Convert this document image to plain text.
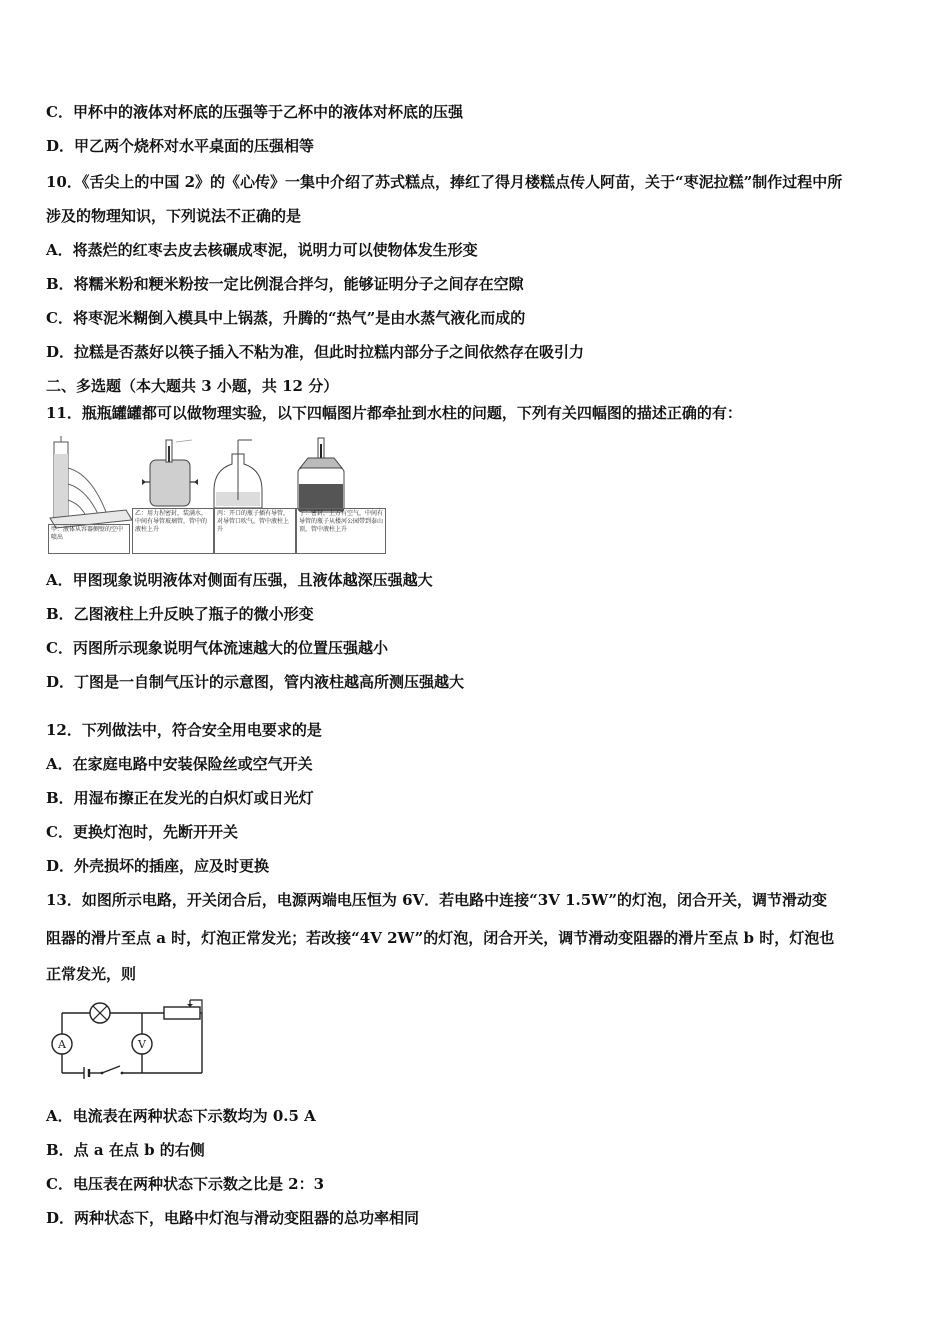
C．甲杯中的液体对杯底的压强等于乙杯中的液体对杯底的压强
D．甲乙两个烧杯对水平桌面的压强相等
10．《舌尖上的中国 2》的《心传》一集中介绍了苏式糕点，捧红了得月楼糕点传人阿苗，关于“枣泥拉糕”制作过程中所
涉及的物理知识，下列说法不正确的是
A．将蒸烂的红枣去皮去核碾成枣泥，说明力可以使物体发生形变
B．将糯米粉和粳米粉按一定比例混合拌匀，能够证明分子之间存在空隙
C．将枣泥米糊倒入模具中上锅蒸，升腾的“热气”是由水蒸气液化而成的
D．拉糕是否蒸好以筷子插入不粘为准，但此时拉糕内部分子之间依然存在吸引力
二、多选题（本大题共 3 小题，共 12 分）
11．瓶瓶罐罐都可以做物理实验，以下四幅图片都牵扯到水柱的问题，下列有关四幅图的描述正确的有：
甲：液体从容器侧壁的空中喷出
乙：用力捏密封，装满水，中间有导管玻璃管，管中的液柱上升
丙：开口的瓶子插有导管，对导管口吹气，管中液柱上升
丁：密封，上方有空气，中间有导管的瓶子从楼河公园带到泰山顶，管中液柱上升
A．甲图现象说明液体对侧面有压强，且液体越深压强越大
B．乙图液柱上升反映了瓶子的微小形变
C．丙图所示现象说明气体流速越大的位置压强越小
D．丁图是一自制气压计的示意图，管内液柱越高所测压强越大
12．下列做法中，符合安全用电要求的是
A．在家庭电路中安装保险丝或空气开关
B．用湿布擦正在发光的白炽灯或日光灯
C．更换灯泡时，先断开开关
D．外壳损坏的插座，应及时更换
13．如图所示电路，开关闭合后，电源两端电压恒为 6V．若电路中连接“3V 1.5W”的灯泡，闭合开关，调节滑动变
阻器的滑片至点 a 时，灯泡正常发光；若改接“4V 2W”的灯泡，闭合开关，调节滑动变阻器的滑片至点 b 时，灯泡也
正常发光，则
A	V
A．电流表在两种状态下示数均为 0.5 A
B．点 a 在点 b 的右侧
C．电压表在两种状态下示数之比是 2：3
D．两种状态下，电路中灯泡与滑动变阻器的总功率相同
